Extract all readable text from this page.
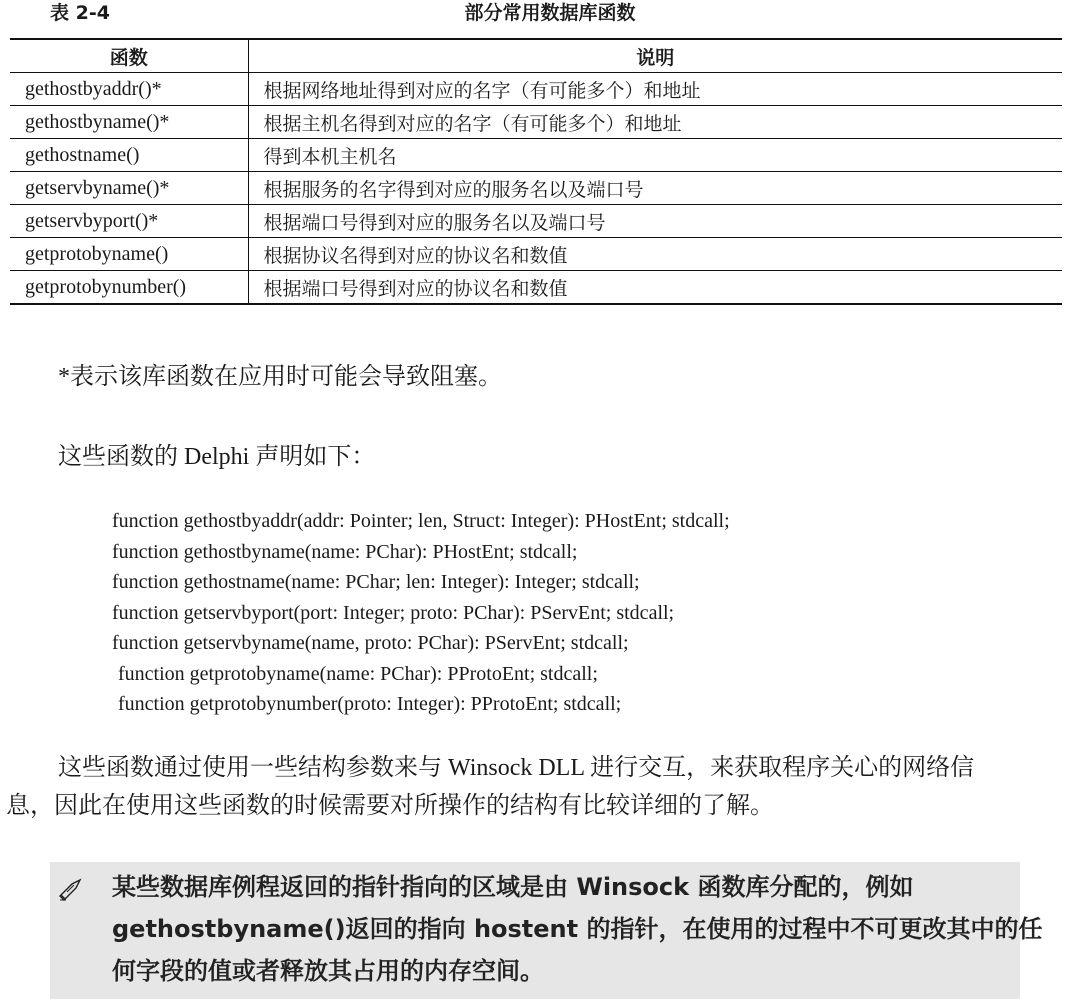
表 2-4	部分常用数据库函数
函数	说明
gethostbyaddr()*	根据网络地址得到对应的名字（有可能多个）和地址
gethostbyname()*	根据主机名得到对应的名字（有可能多个）和地址
gethostname()	得到本机主机名
getservbyname()*	根据服务的名字得到对应的服务名以及端口号
getservbyport()*	根据端口号得到对应的服务名以及端口号
getprotobyname()	根据协议名得到对应的协议名和数值
getprotobynumber()	根据端口号得到对应的协议名和数值
*表示该库函数在应用时可能会导致阻塞。
这些函数的 Delphi 声明如下：
function gethostbyaddr(addr: Pointer; len, Struct: Integer): PHostEnt; stdcall;
function gethostbyname(name: PChar): PHostEnt; stdcall;
function gethostname(name: PChar; len: Integer): Integer; stdcall;
function getservbyport(port: Integer; proto: PChar): PServEnt; stdcall;
function getservbyname(name, proto: PChar): PServEnt; stdcall;
function getprotobyname(name: PChar): PProtoEnt; stdcall;
function getprotobynumber(proto: Integer): PProtoEnt; stdcall;
这些函数通过使用一些结构参数来与 Winsock DLL 进行交互，来获取程序关心的网络信
息，因此在使用这些函数的时候需要对所操作的结构有比较详细的了解。
某些数据库例程返回的指针指向的区域是由 Winsock 函数库分配的，例如
gethostbyname()返回的指向 hostent 的指针，在使用的过程中不可更改其中的任
何字段的值或者释放其占用的内存空间。
